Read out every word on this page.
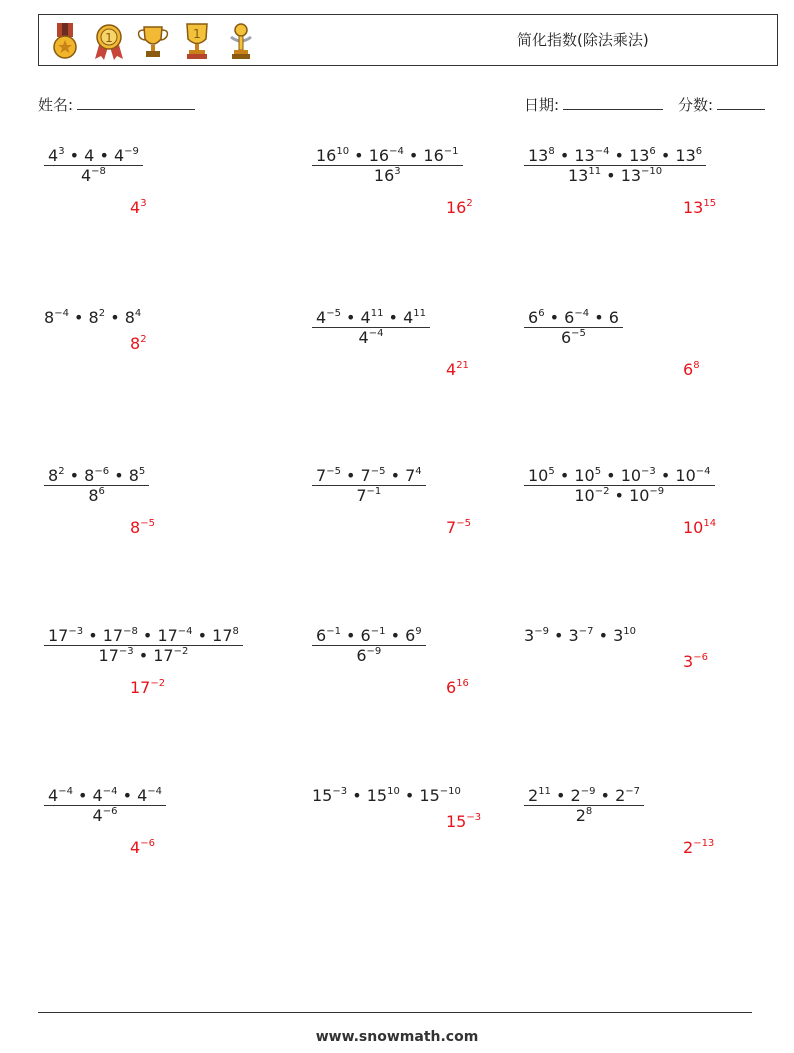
1	1	简化指数(除法乘法)
姓名:	日期:	分数:
$\frac{4^3 • 4 • 4^{-9}}{4^{-8}}$
$4^3$
$\frac{16^{10} • 16^{-4} • 16^{-1}}{16^3}$
$16^2$
$\frac{13^8 • 13^{-4} • 13^6 • 13^6}{13^{11} • 13^{-10}}$
$13^{15}$
$8^{-4}$ • $8^2$ • $8^4$
$8^2$	$\frac{4^{-5} • 4^{11} • 4^{11}}{4^{-4}}$
$4^{21}$
$\frac{6^6 • 6^{-4} • 6}{6^{-5}}$
$6^8$
$\frac{8^2 • 8^{-6} • 8^5}{8^6}$
$8^{-5}$
$\frac{7^{-5} • 7^{-5} • 7^4}{7^{-1}}$
$7^{-5}$
$\frac{10^5 • 10^5 • 10^{-3} • 10^{-4}}{10^{-2} • 10^{-9}}$
$10^{14}$
$\frac{17^{-3} • 17^{-8} • 17^{-4} • 17^8}{17^{-3} • 17^{-2}}$
$17^{-2}$
$\frac{6^{-1} • 6^{-1} • 6^9}{6^{-9}}$
$6^{16}$
$3^{-9}$ • $3^{-7}$ • $3^{10}$
$3^{-6}$
$\frac{4^{-4} • 4^{-4} • 4^{-4}}{4^{-6}}$
$4^{-6}$
$15^{-3}$ • $15^{10}$ • $15^{-10}$
$15^{-3}$	$\frac{2^{11} • 2^{-9} • 2^{-7}}{2^8}$
$2^{-13}$
www.snowmath.com
